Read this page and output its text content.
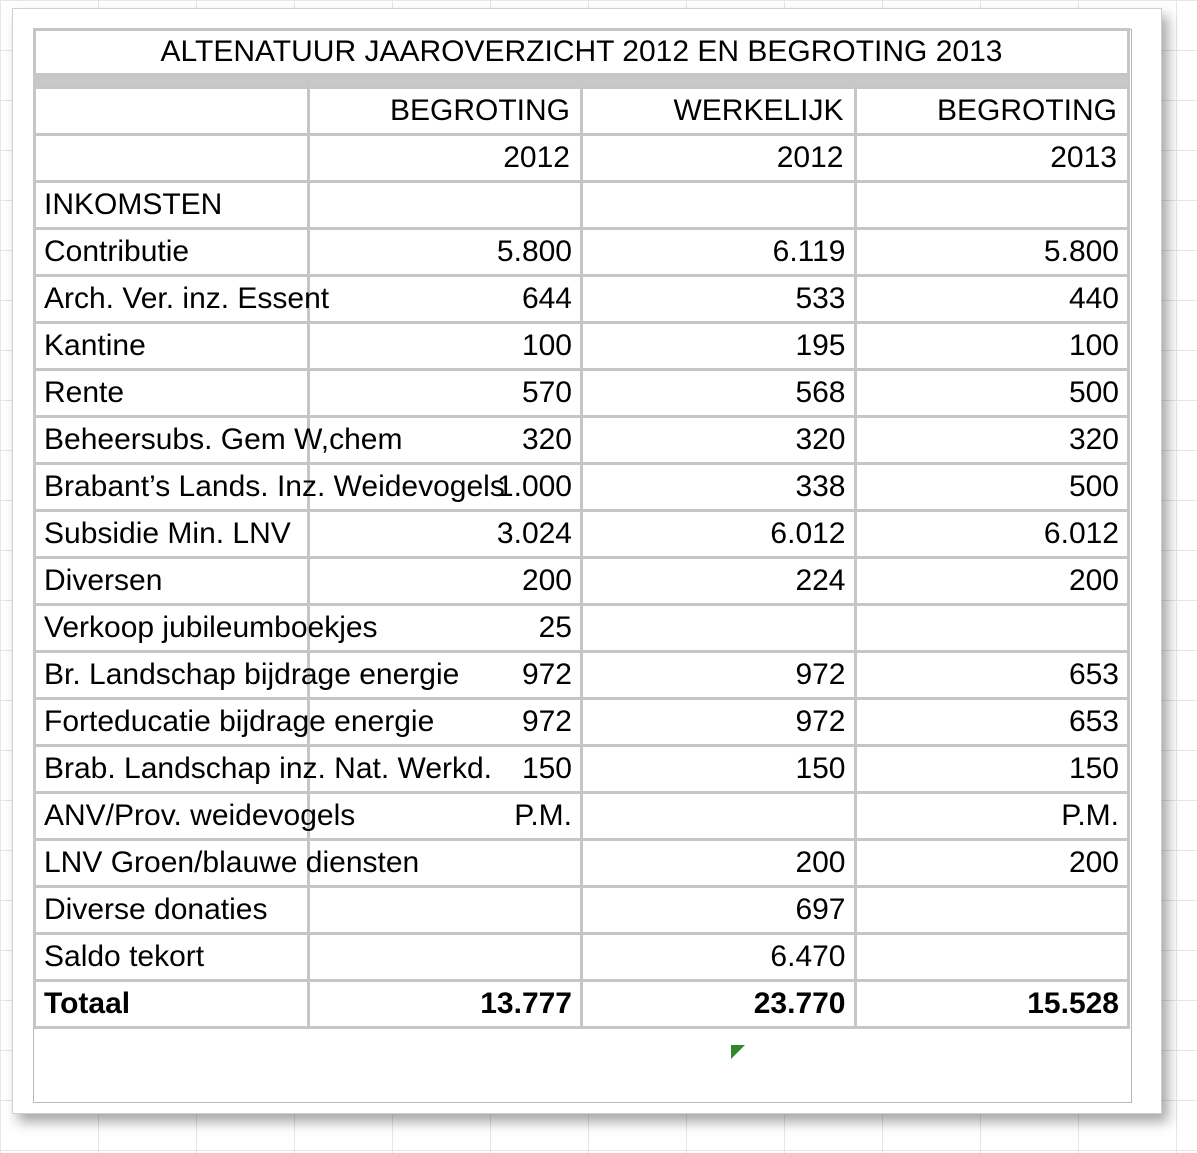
ALTENATUUR JAAROVERZICHT 2012 EN BEGROTING 2013			

	BEGROTING	WERKELIJK	BEGROTING
	2012	2012	2013
INKOMSTEN			
Contributie	5.800	6.119	5.800
Arch. Ver. inz. Essent	644	533	440
Kantine	100	195	100
Rente	570	568	500
Beheersubs. Gem W,chem	320	320	320
Brabant’s Lands. Inz. Weidevogels	1.000	338	500
Subsidie Min. LNV	3.024	6.012	6.012
Diversen	200	224	200
Verkoop jubileumboekjes	25		
Br. Landschap bijdrage energie	972	972	653
Forteducatie bijdrage energie	972	972	653
Brab. Landschap inz. Nat. Werkd.	150	150	150
ANV/Prov. weidevogels	P.M.		P.M.
LNV Groen/blauwe diensten		200	200
Diverse donaties		697	
Saldo tekort		6.470	
Totaal	13.777	23.770	15.528
